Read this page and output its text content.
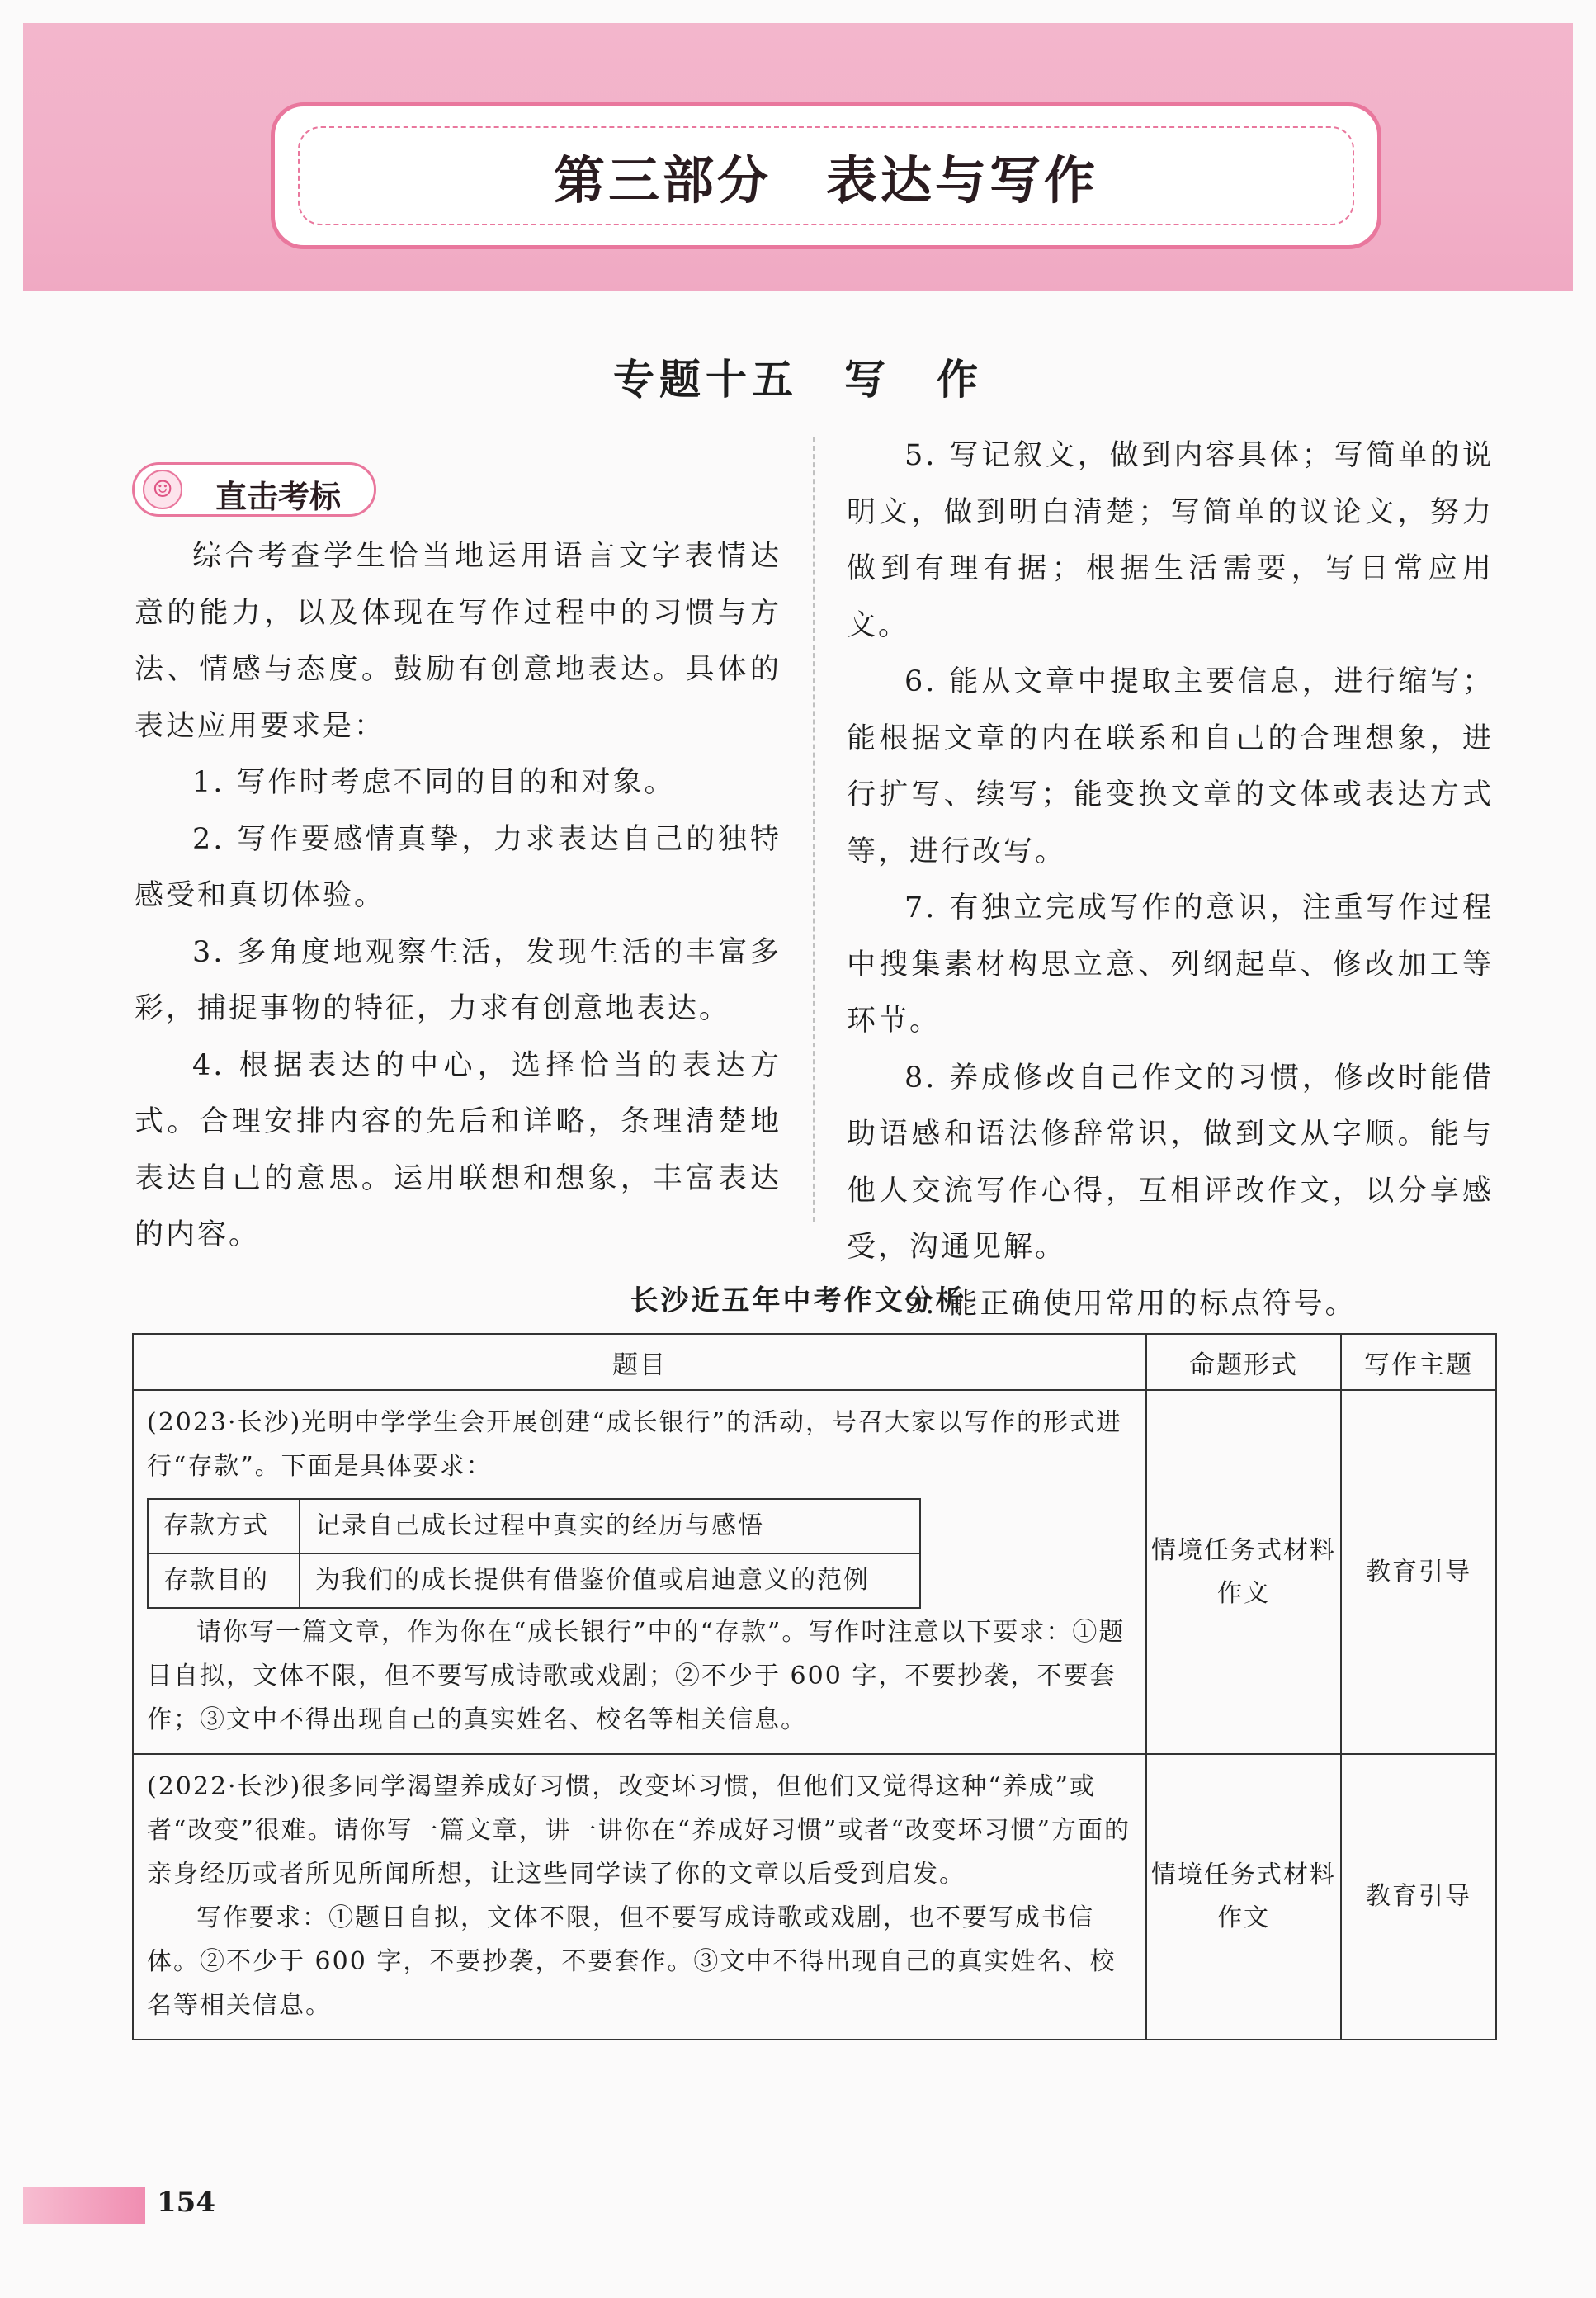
第三部分　表达与写作
专题十五　写　作
☺	直击考标

综合考查学生恰当地运用语言文字表情达意的能力，以及体现在写作过程中的习惯与方法、情感与态度。鼓励有创意地表达。具体的表达应用要求是：

1. 写作时考虑不同的目的和对象。

2. 写作要感情真挚，力求表达自己的独特感受和真切体验。

3. 多角度地观察生活，发现生活的丰富多彩，捕捉事物的特征，力求有创意地表达。

4. 根据表达的中心，选择恰当的表达方式。合理安排内容的先后和详略，条理清楚地表达自己的意思。运用联想和想象，丰富表达的内容。

5. 写记叙文，做到内容具体；写简单的说明文，做到明白清楚；写简单的议论文，努力做到有理有据；根据生活需要，写日常应用文。

6. 能从文章中提取主要信息，进行缩写；能根据文章的内在联系和自己的合理想象，进行扩写、续写；能变换文章的文体或表达方式等，进行改写。

7. 有独立完成写作的意识，注重写作过程中搜集素材构思立意、列纲起草、修改加工等环节。

8. 养成修改自己作文的习惯，修改时能借助语感和语法修辞常识，做到文从字顺。能与他人交流写作心得，互相评改作文，以分享感受，沟通见解。

9. 能正确使用常用的标点符号。

长沙近五年中考作文分析
题目	命题形式	写作主题

(2023·长沙)光明中学学生会开展创建“成长银行”的活动，号召大家以写作的形式进行“存款”。下面是具体要求：

存款方式	记录自己成长过程中真实的经历与感悟
存款目的	为我们的成长提供有借鉴价值或启迪意义的范例

请你写一篇文章，作为你在“成长银行”中的“存款”。写作时注意以下要求：①题目自拟，文体不限，但不要写成诗歌或戏剧；②不少于 600 字，不要抄袭，不要套作；③文中不得出现自己的真实姓名、校名等相关信息。

	情境任务式材料作文	教育引导

(2022·长沙)很多同学渴望养成好习惯，改变坏习惯，但他们又觉得这种“养成”或者“改变”很难。请你写一篇文章，讲一讲你在“养成好习惯”或者“改变坏习惯”方面的亲身经历或者所见所闻所想，让这些同学读了你的文章以后受到启发。

写作要求：①题目自拟，文体不限，但不要写成诗歌或戏剧，也不要写成书信体。②不少于 600 字，不要抄袭，不要套作。③文中不得出现自己的真实姓名、校名等相关信息。

	情境任务式材料作文	教育引导
154
